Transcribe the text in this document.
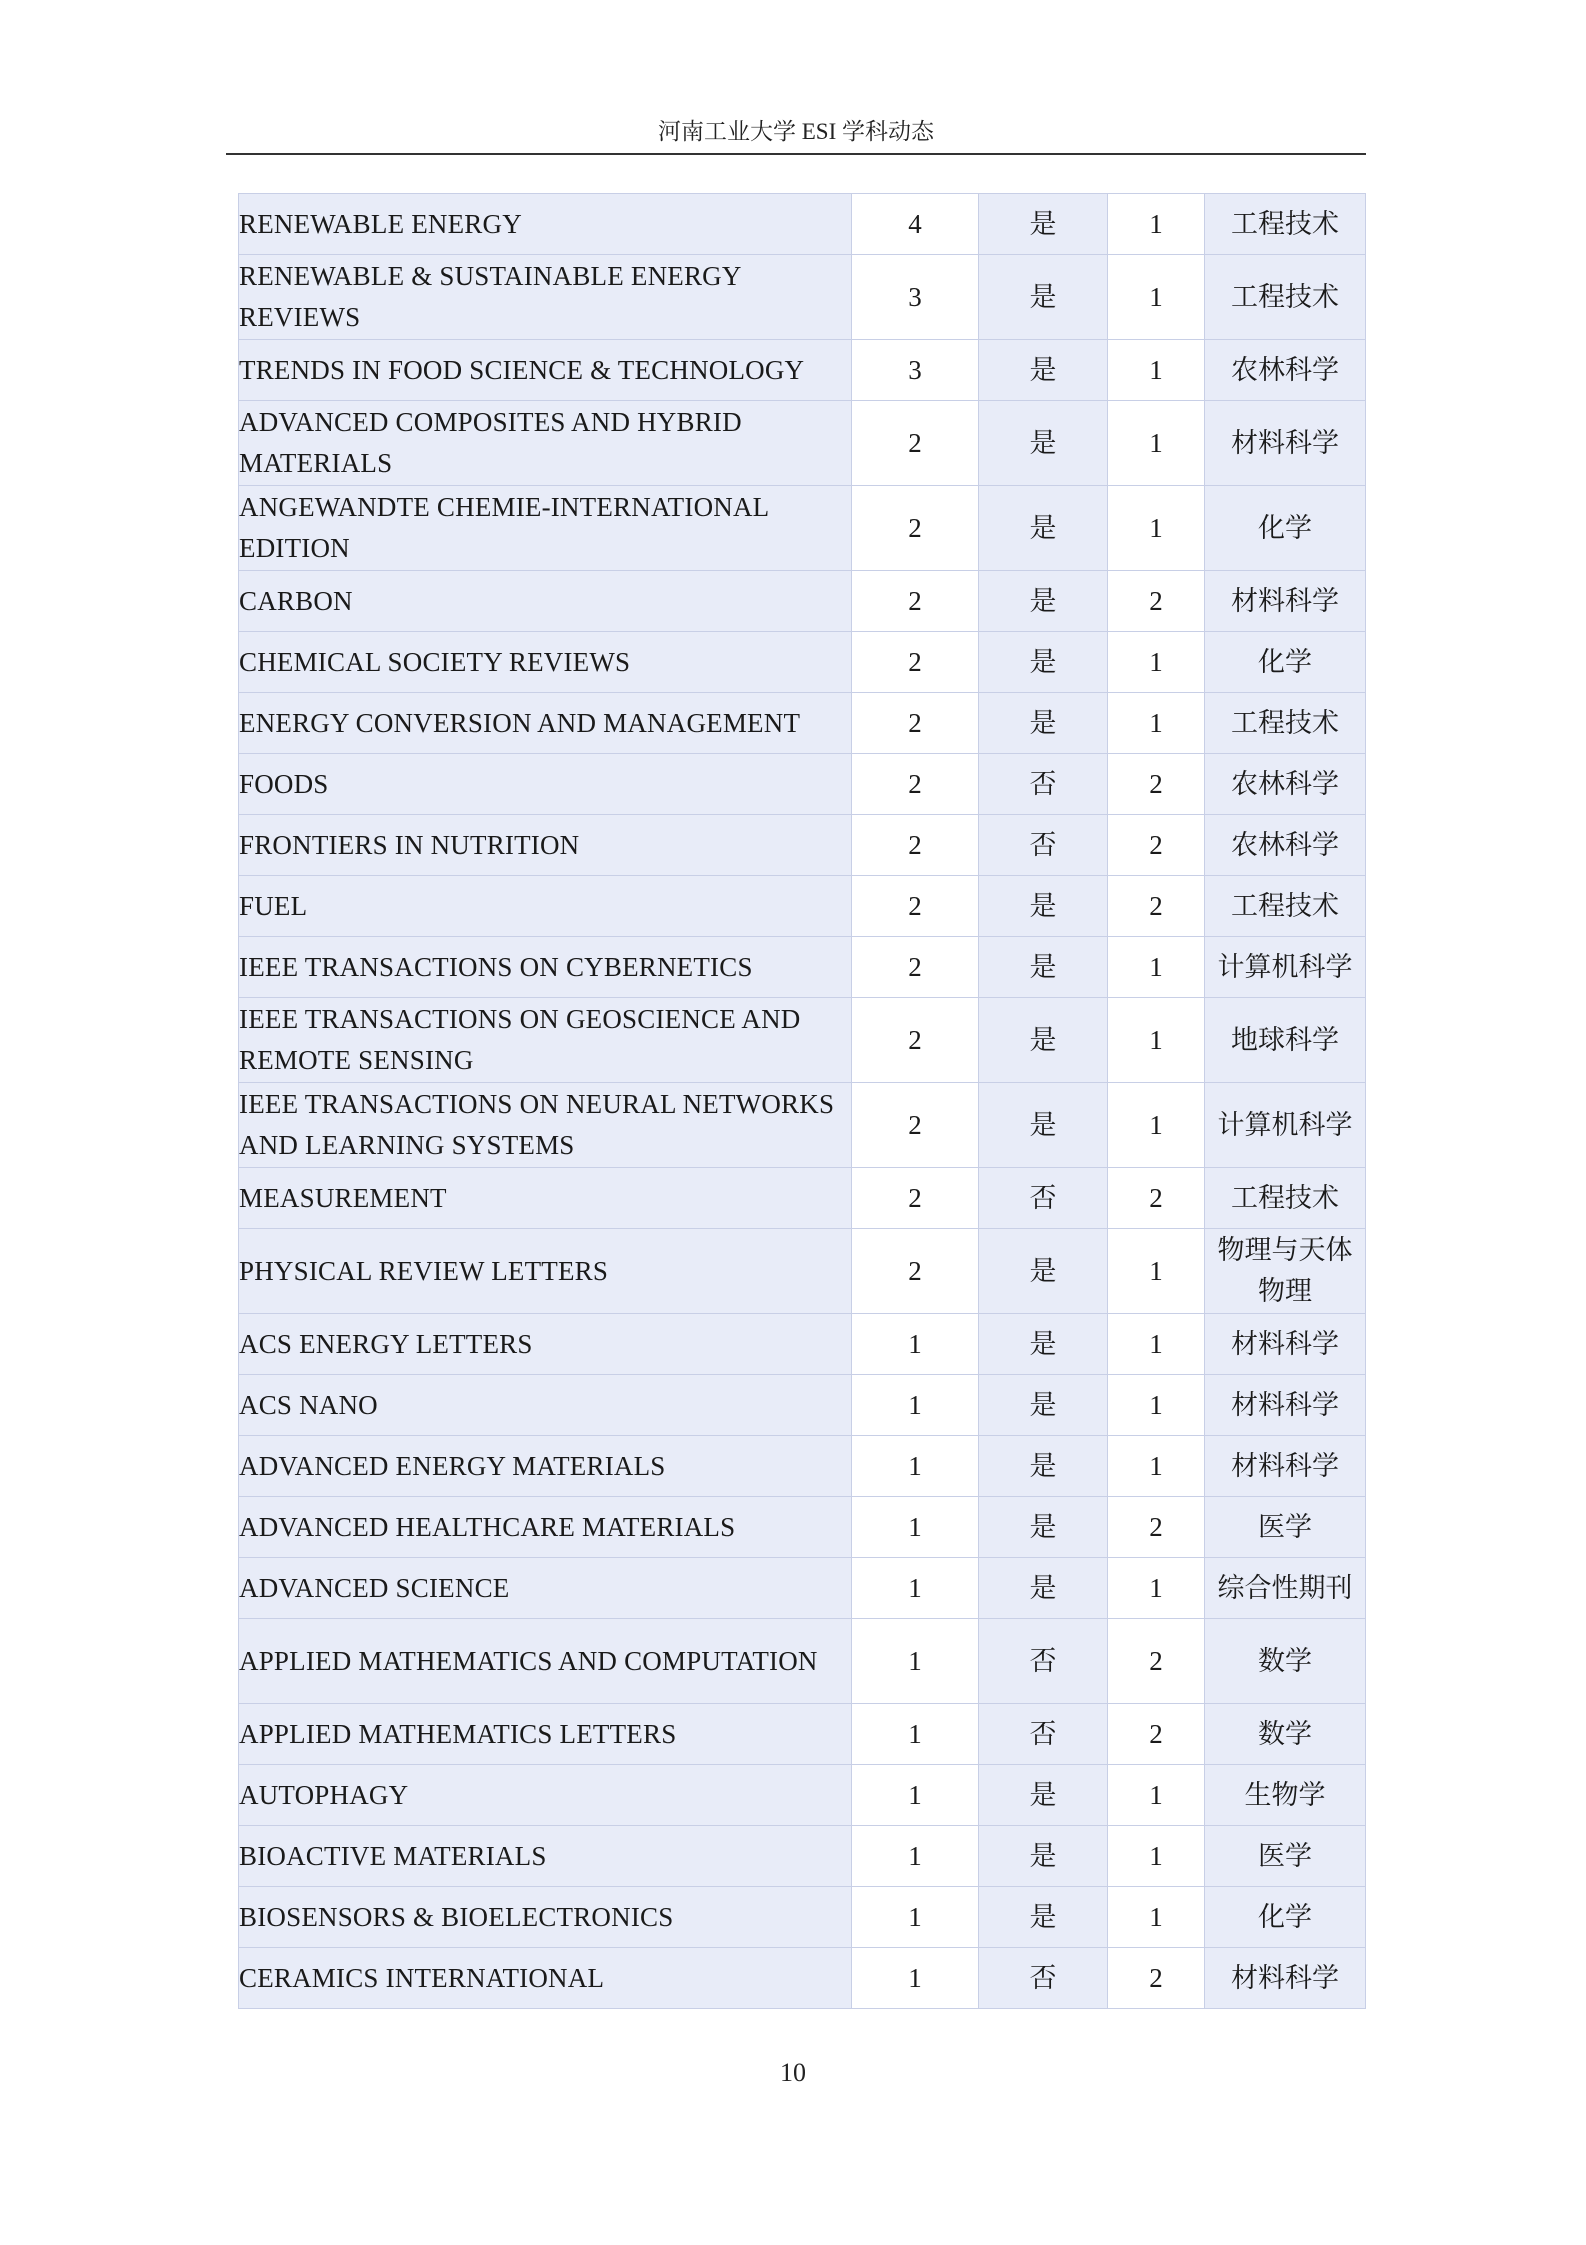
河南工业大学 ESI 学科动态
RENEWABLE ENERGY	4	是	1	工程技术
RENEWABLE & SUSTAINABLE ENERGY REVIEWS	3	是	1	工程技术
TRENDS IN FOOD SCIENCE & TECHNOLOGY	3	是	1	农林科学
ADVANCED COMPOSITES AND HYBRID MATERIALS	2	是	1	材料科学
ANGEWANDTE CHEMIE-INTERNATIONAL EDITION	2	是	1	化学
CARBON	2	是	2	材料科学
CHEMICAL SOCIETY REVIEWS	2	是	1	化学
ENERGY CONVERSION AND MANAGEMENT	2	是	1	工程技术
FOODS	2	否	2	农林科学
FRONTIERS IN NUTRITION	2	否	2	农林科学
FUEL	2	是	2	工程技术
IEEE TRANSACTIONS ON CYBERNETICS	2	是	1	计算机科学
IEEE TRANSACTIONS ON GEOSCIENCE AND REMOTE SENSING	2	是	1	地球科学
IEEE TRANSACTIONS ON NEURAL NETWORKS AND LEARNING SYSTEMS	2	是	1	计算机科学
MEASUREMENT	2	否	2	工程技术
PHYSICAL REVIEW LETTERS	2	是	1	物理与天体物理
ACS ENERGY LETTERS	1	是	1	材料科学
ACS NANO	1	是	1	材料科学
ADVANCED ENERGY MATERIALS	1	是	1	材料科学
ADVANCED HEALTHCARE MATERIALS	1	是	2	医学
ADVANCED SCIENCE	1	是	1	综合性期刊
APPLIED MATHEMATICS AND COMPUTATION	1	否	2	数学
APPLIED MATHEMATICS LETTERS	1	否	2	数学
AUTOPHAGY	1	是	1	生物学
BIOACTIVE MATERIALS	1	是	1	医学
BIOSENSORS & BIOELECTRONICS	1	是	1	化学
CERAMICS INTERNATIONAL	1	否	2	材料科学
10
